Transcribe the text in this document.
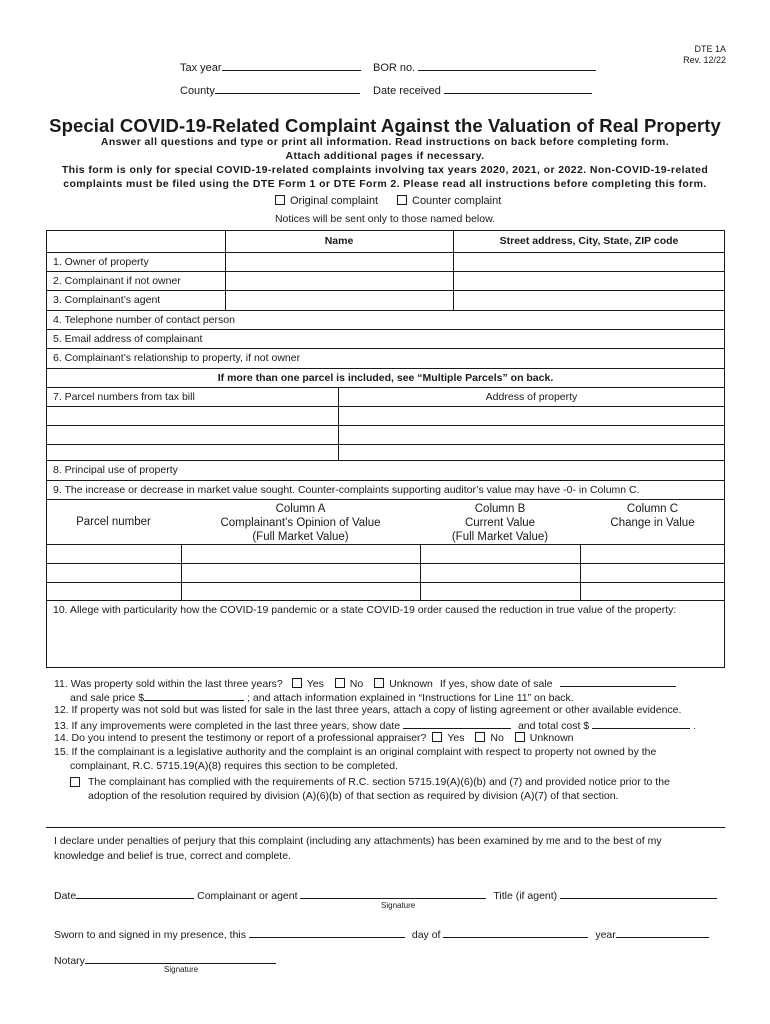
DTE 1A
Rev. 12/22
Tax year	BOR no.
County	Date received
Special COVID-19-Related Complaint Against the Valuation of Real Property
Answer all questions and type or print all information. Read instructions on back before completing form.
Attach additional pages if necessary.
This form is only for special COVID-19-related complaints involving tax years 2020, 2021, or 2022. Non-COVID-19-related
complaints must be filed using the DTE Form 1 or DTE Form 2. Please read all instructions before completing this form.
Original complaint	Counter complaint
Notices will be sent only to those named below.
Name	Street address, City, State, ZIP code
1. Owner of property
2. Complainant if not owner
3. Complainant’s agent
4. Telephone number of contact person
5. Email address of complainant
6. Complainant’s relationship to property, if not owner
If more than one parcel is included, see “Multiple Parcels” on back.
7. Parcel numbers from tax bill	Address of property
8. Principal use of property
9. The increase or decrease in market value sought. Counter-complaints supporting auditor’s value may have -0- in Column C.
Parcel number
Column A
Complainant’s Opinion of Value
(Full Market Value)
Column B
Current Value
(Full Market Value)
Column C
Change in Value
10. Allege with particularity how the COVID-19 pandemic or a state COVID-19 order caused the reduction in true value of the property:
11. Was property sold within the last three years? Yes No Unknown If yes, show date of sale
and sale price $	; and attach information explained in “Instructions for Line 11” on back.
12. If property was not sold but was listed for sale in the last three years, attach a copy of listing agreement or other available evidence.
13. If any improvements were completed in the last three years, show date	and total cost $	.
14. Do you intend to present the testimony or report of a professional appraiser? Yes No Unknown
15. If the complainant is a legislative authority and the complaint is an original complaint with respect to property not owned by the
complainant, R.C. 5715.19(A)(8) requires this section to be completed.
The complainant has complied with the requirements of R.C. section 5715.19(A)(6)(b) and (7) and provided notice prior to the
adoption of the resolution required by division (A)(6)(b) of that section as required by division (A)(7) of that section.
I declare under penalties of perjury that this complaint (including any attachments) has been examined by me and to the best of my
knowledge and belief is true, correct and complete.
Date	Complainant or agent	Title (if agent)
Signature
Sworn to and signed in my presence, this	day of	year
Notary
Signature
